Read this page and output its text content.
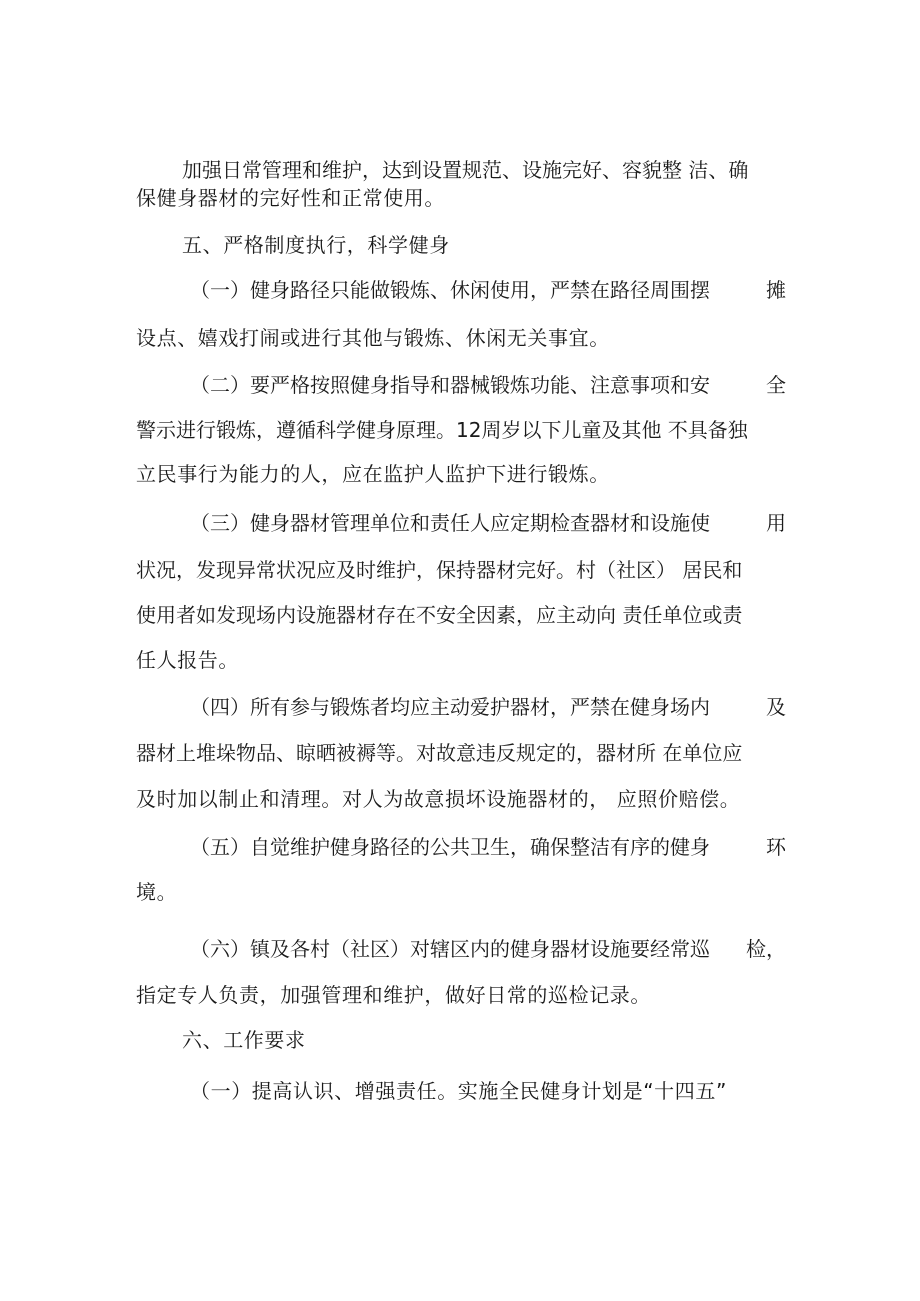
加强日常管理和维护，达到设置规范、设施完好、容貌整 洁、确
保健身器材的完好性和正常使用。
五、严格制度执行，科学健身
（一）健身路径只能做锻炼、休闲使用，严禁在路径周围摆	摊
设点、嬉戏打闹或进行其他与锻炼、休闲无关事宜。
（二）要严格按照健身指导和器械锻炼功能、注意事项和安	全
警示进行锻炼，遵循科学健身原理。12周岁以下儿童及其他 不具备独
立民事行为能力的人，应在监护人监护下进行锻炼。
（三）健身器材管理单位和责任人应定期检查器材和设施使	用
状况，发现异常状况应及时维护，保持器材完好。村（社区） 居民和
使用者如发现场内设施器材存在不安全因素，应主动向 责任单位或责
任人报告。
（四）所有参与锻炼者均应主动爱护器材，严禁在健身场内	及
器材上堆垛物品、晾晒被褥等。对故意违反规定的，器材所 在单位应
及时加以制止和清理。对人为故意损坏设施器材的， 应照价赔偿。
（五）自觉维护健身路径的公共卫生，确保整洁有序的健身	环
境。
（六）镇及各村（社区）对辖区内的健身器材设施要经常巡 检，
指定专人负责，加强管理和维护，做好日常的巡检记录。
六、工作要求
（一）提高认识、增强责任。实施全民健身计划是“十四五”
